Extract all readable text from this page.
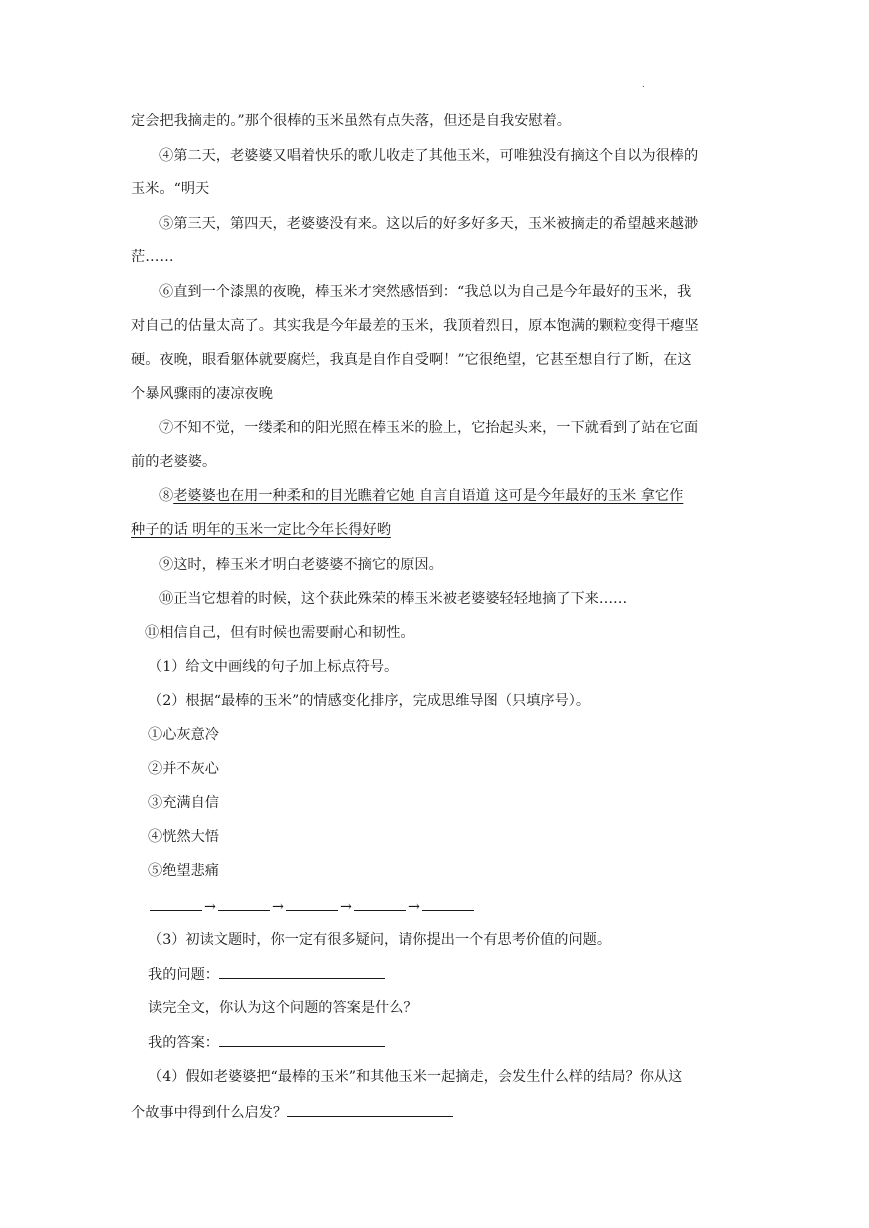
.
定会把我摘走的。”那个很棒的玉米虽然有点失落，但还是自我安慰着。
④第二天，老婆婆又唱着快乐的歌儿收走了其他玉米，可唯独没有摘这个自以为很棒的
玉米。“明天
⑤第三天，第四天，老婆婆没有来。这以后的好多好多天，玉米被摘走的希望越来越渺
茫……
⑥直到一个漆黑的夜晚，棒玉米才突然感悟到：“我总以为自己是今年最好的玉米，我
对自己的估量太高了。其实我是今年最差的玉米，我顶着烈日，原本饱满的颗粒变得干瘪坚
硬。夜晚，眼看躯体就要腐烂，我真是自作自受啊！”它很绝望，它甚至想自行了断，在这
个暴风骤雨的凄凉夜晚
⑦不知不觉，一缕柔和的阳光照在棒玉米的脸上，它抬起头来，一下就看到了站在它面
前的老婆婆。
⑧老婆婆也在用一种柔和的目光瞧着它她 自言自语道 这可是今年最好的玉米 拿它作
种子的话 明年的玉米一定比今年长得好哟
⑨这时，棒玉米才明白老婆婆不摘它的原因。
⑩正当它想着的时候，这个获此殊荣的棒玉米被老婆婆轻轻地摘了下来……
⑪相信自己，但有时候也需要耐心和韧性。
（1）给文中画线的句子加上标点符号。
（2）根据“最棒的玉米”的情感变化排序，完成思维导图（只填序号）。
①心灰意冷
②并不灰心
③充满自信
④恍然大悟
⑤绝望悲痛
→	→	→	→
（3）初读文题时，你一定有很多疑问，请你提出一个有思考价值的问题。
我的问题：
读完全文，你认为这个问题的答案是什么？
我的答案：
（4）假如老婆婆把“最棒的玉米”和其他玉米一起摘走，会发生什么样的结局？你从这
个故事中得到什么启发？
